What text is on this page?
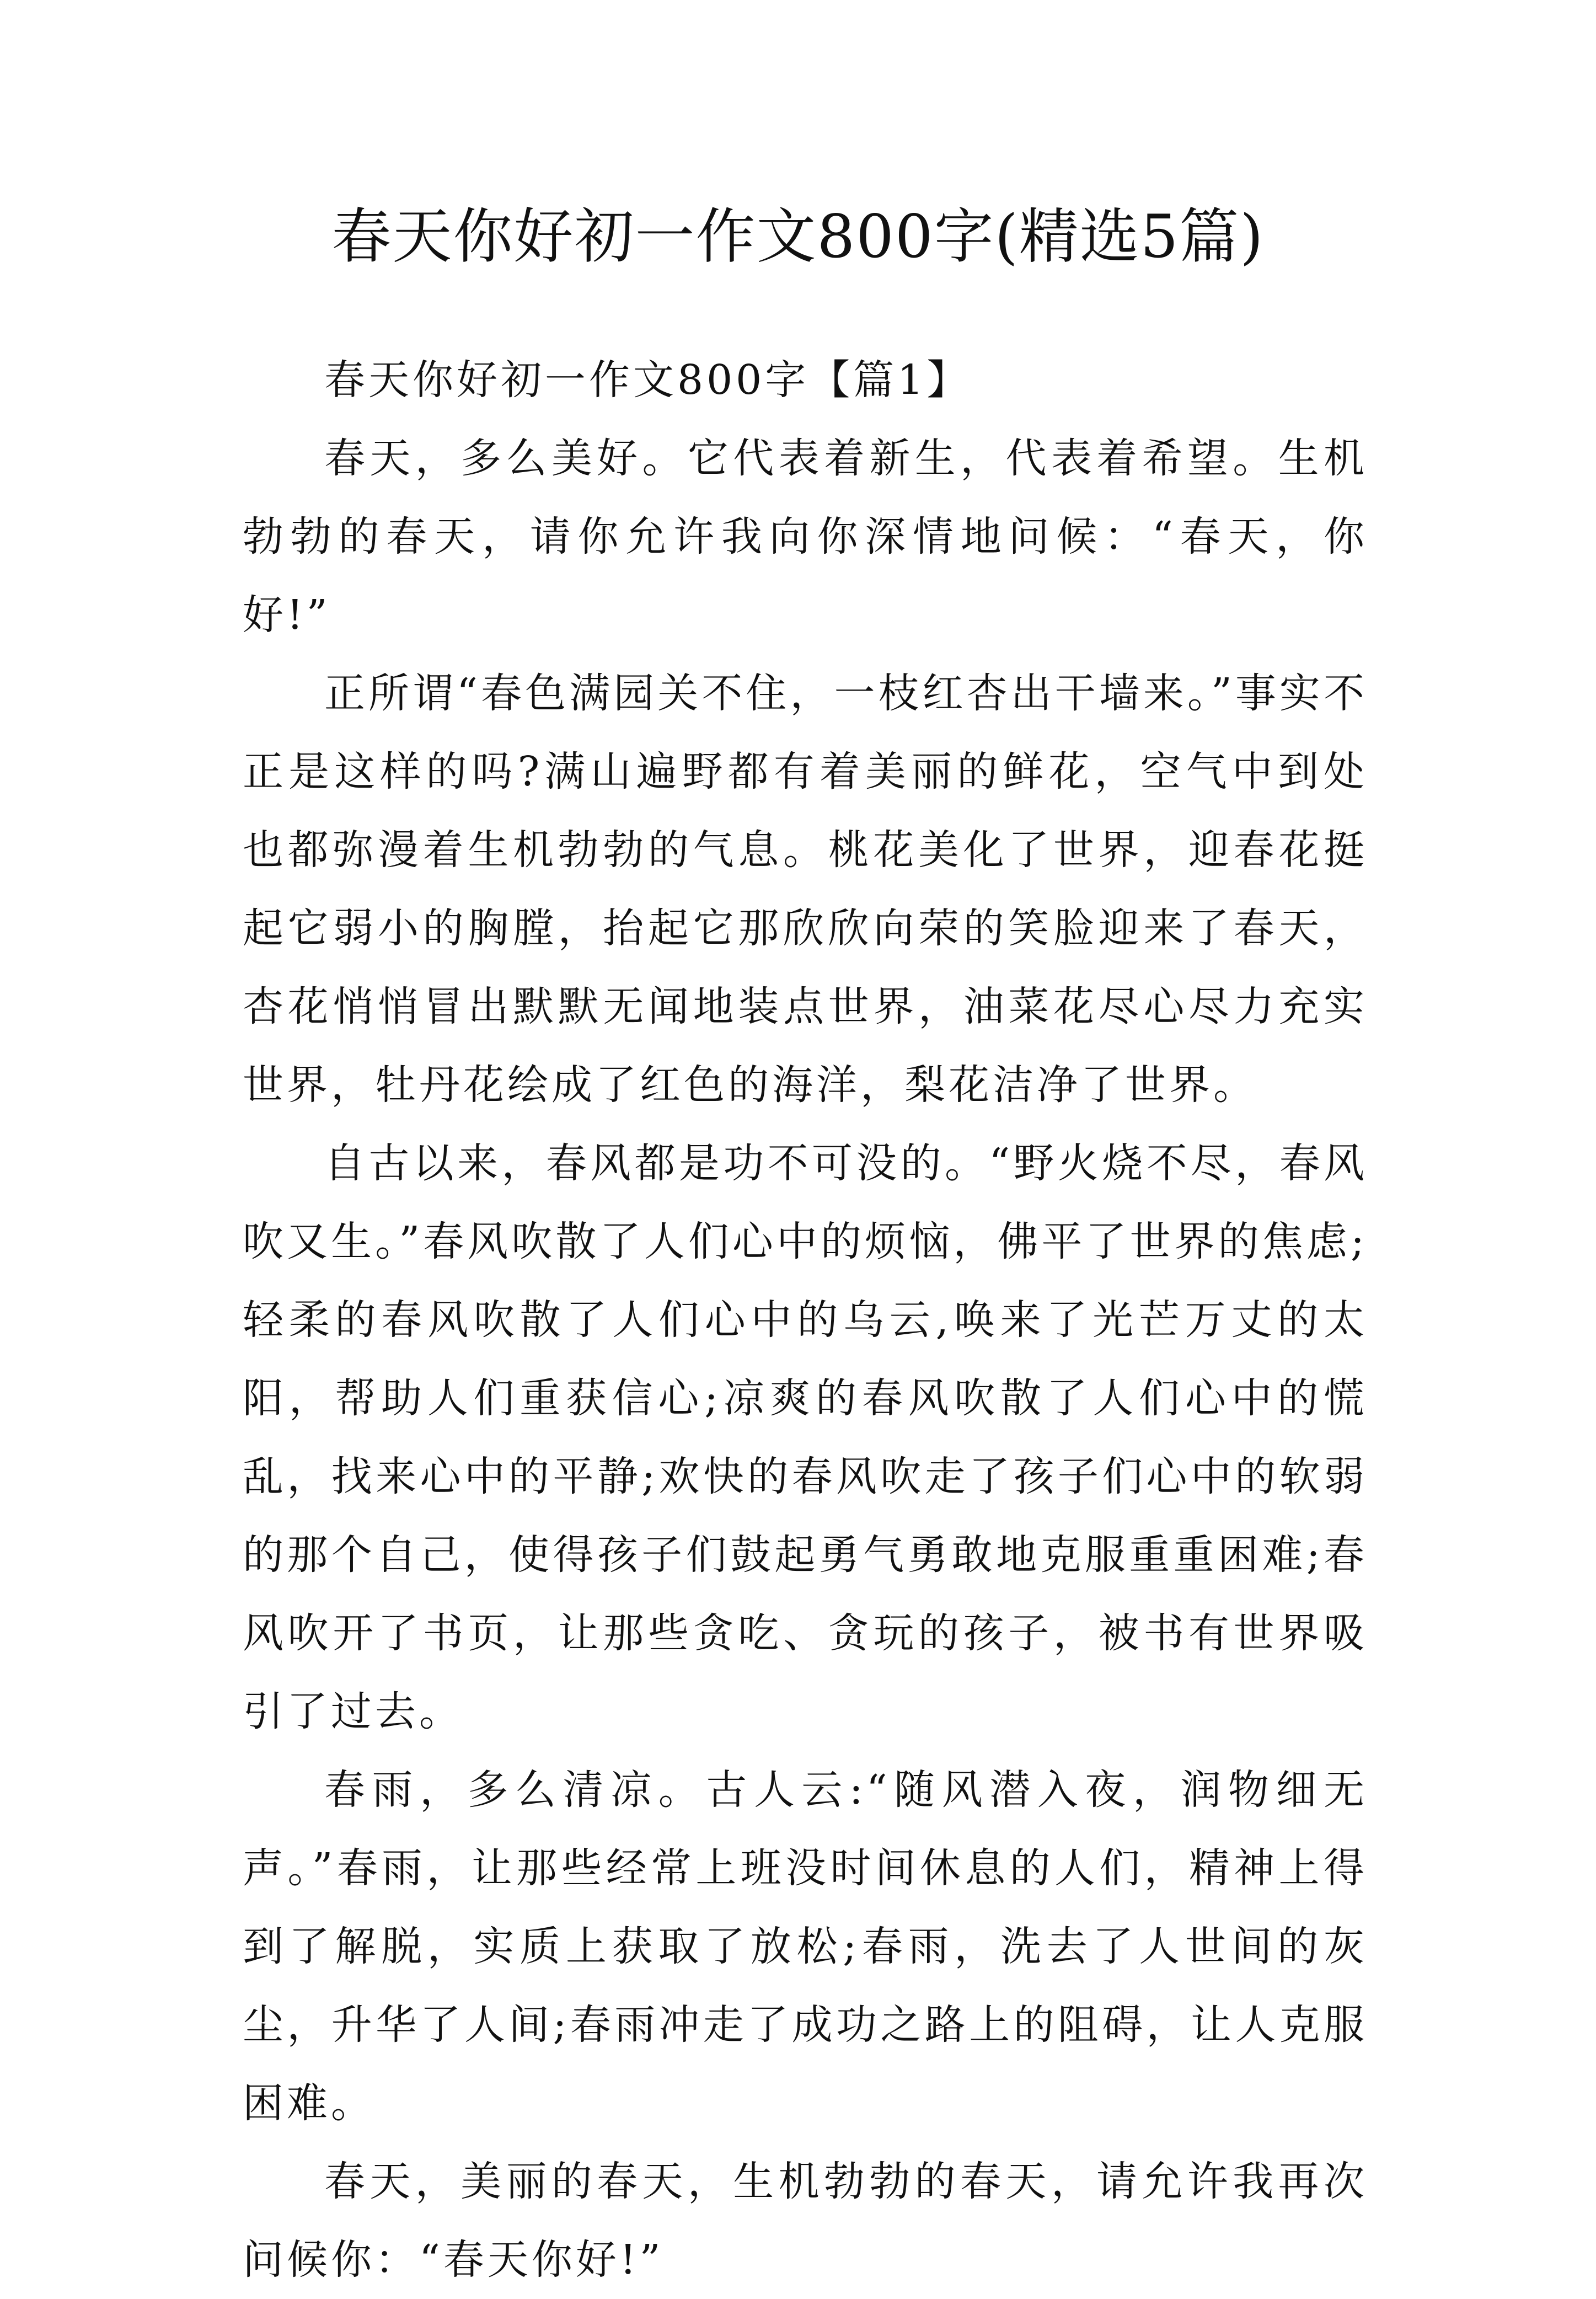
春天你好初一作文800字(精选5篇)

春天你好初一作文800字【篇1】

春天，多么美好。它代表着新生，代表着希望。生机勃勃的春天，请你允许我向你深情地问候：“春天，你好!”

正所谓“春色满园关不住，一枝红杏出干墙来。”事实不正是这样的吗?满山遍野都有着美丽的鲜花，空气中到处也都弥漫着生机勃勃的气息。桃花美化了世界，迎春花挺起它弱小的胸膛，抬起它那欣欣向荣的笑脸迎来了春天，杏花悄悄冒出默默无闻地装点世界，油菜花尽心尽力充实世界，牡丹花绘成了红色的海洋，梨花洁净了世界。

自古以来，春风都是功不可没的。“野火烧不尽，春风吹又生。”春风吹散了人们心中的烦恼，佛平了世界的焦虑;轻柔的春风吹散了人们心中的乌云,唤来了光芒万丈的太阳，帮助人们重获信心;凉爽的春风吹散了人们心中的慌乱，找来心中的平静;欢快的春风吹走了孩子们心中的软弱的那个自己，使得孩子们鼓起勇气勇敢地克服重重困难;春风吹开了书页，让那些贪吃、贪玩的孩子，被书有世界吸引了过去。

春雨，多么清凉。古人云:“随风潜入夜，润物细无声。”春雨，让那些经常上班没时间休息的人们，精神上得到了解脱，实质上获取了放松;春雨，洗去了人世间的灰尘，升华了人间;春雨冲走了成功之路上的阻碍，让人克服困难。

春天，美丽的春天，生机勃勃的春天，请允许我再次问候你：“春天你好!”
